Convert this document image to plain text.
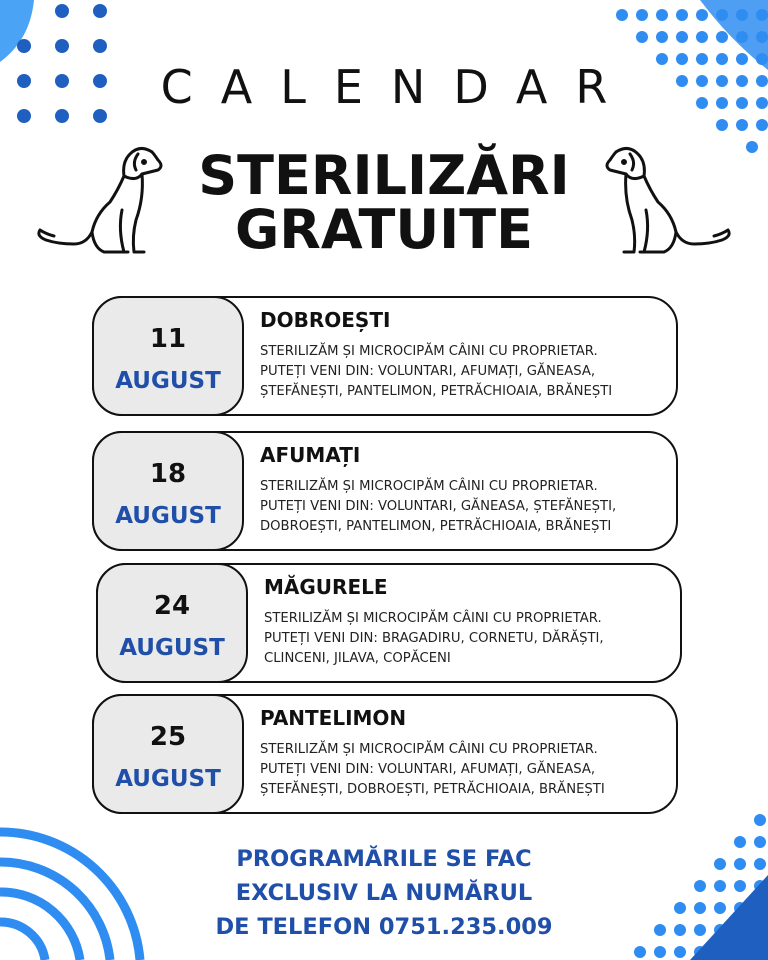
CALENDAR
STERILIZĂRI
GRATUITE
11
AUGUST
DOBROEȘTI
STERILIZĂM ȘI MICROCIPĂM CÂINI CU PROPRIETAR.
PUTEȚI VENI DIN: VOLUNTARI, AFUMAȚI, GĂNEASA,
ȘTEFĂNEȘTI, PANTELIMON, PETRĂCHIOAIA, BRĂNEȘTI
18
AUGUST
AFUMAȚI
STERILIZĂM ȘI MICROCIPĂM CÂINI CU PROPRIETAR.
PUTEȚI VENI DIN: VOLUNTARI, GĂNEASA, ȘTEFĂNEȘTI,
DOBROEȘTI, PANTELIMON, PETRĂCHIOAIA, BRĂNEȘTI
24
AUGUST
MĂGURELE
STERILIZĂM ȘI MICROCIPĂM CÂINI CU PROPRIETAR.
PUTEȚI VENI DIN: BRAGADIRU, CORNETU, DĂRĂȘTI,
CLINCENI, JILAVA, COPĂCENI
25
AUGUST
PANTELIMON
STERILIZĂM ȘI MICROCIPĂM CÂINI CU PROPRIETAR.
PUTEȚI VENI DIN: VOLUNTARI, AFUMAȚI, GĂNEASA,
ȘTEFĂNEȘTI, DOBROEȘTI, PETRĂCHIOAIA, BRĂNEȘTI
PROGRAMĂRILE SE FAC
EXCLUSIV LA NUMĂRUL
DE TELEFON 0751.235.009
